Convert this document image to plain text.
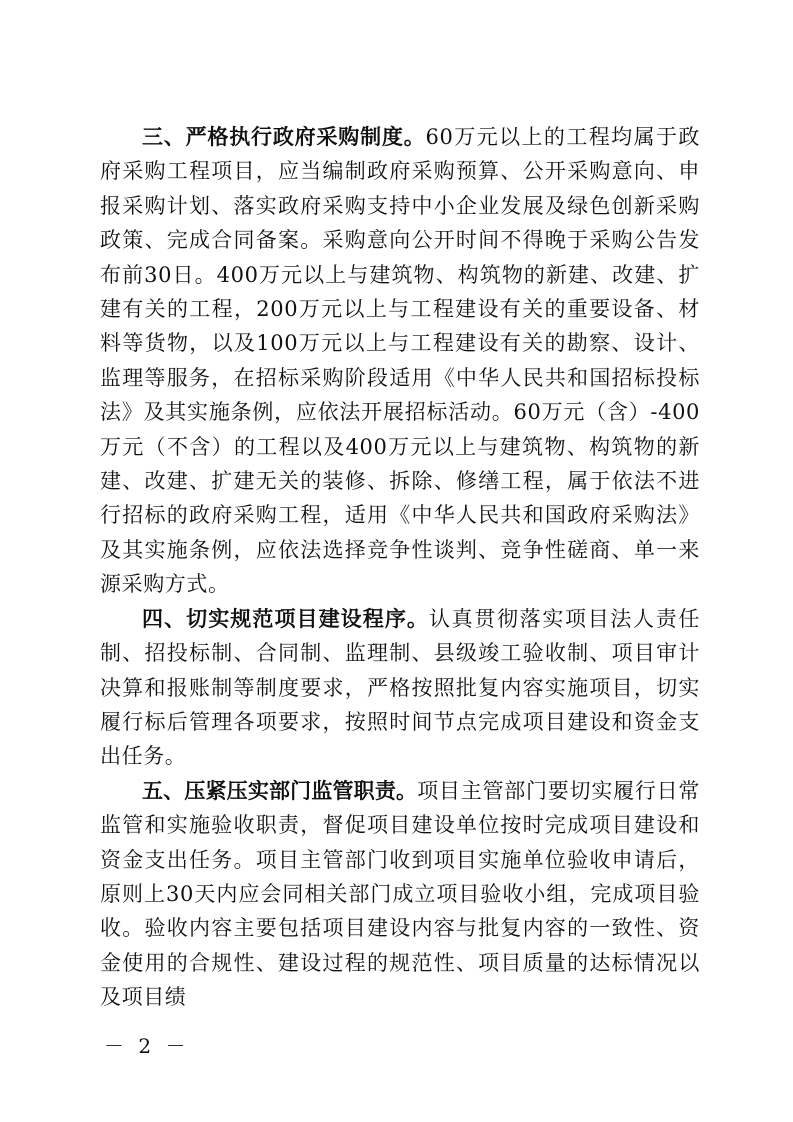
三、严格执行政府采购制度。60万元以上的工程均属于政府采购工程项目，应当编制政府采购预算、公开采购意向、申报采购计划、落实政府采购支持中小企业发展及绿色创新采购政策、完成合同备案。采购意向公开时间不得晚于采购公告发布前30日。400万元以上与建筑物、构筑物的新建、改建、扩建有关的工程，200万元以上与工程建设有关的重要设备、材料等货物，以及100万元以上与工程建设有关的勘察、设计、监理等服务，在招标采购阶段适用《中华人民共和国招标投标法》及其实施条例，应依法开展招标活动。60万元（含）-400万元（不含）的工程以及400万元以上与建筑物、构筑物的新建、改建、扩建无关的装修、拆除、修缮工程，属于依法不进行招标的政府采购工程，适用《中华人民共和国政府采购法》及其实施条例，应依法选择竞争性谈判、竞争性磋商、单一来源采购方式。

四、切实规范项目建设程序。认真贯彻落实项目法人责任制、招投标制、合同制、监理制、县级竣工验收制、项目审计决算和报账制等制度要求，严格按照批复内容实施项目，切实履行标后管理各项要求，按照时间节点完成项目建设和资金支出任务。

五、压紧压实部门监管职责。项目主管部门要切实履行日常监管和实施验收职责，督促项目建设单位按时完成项目建设和资金支出任务。项目主管部门收到项目实施单位验收申请后，原则上30天内应会同相关部门成立项目验收小组，完成项目验收。验收内容主要包括项目建设内容与批复内容的一致性、资金使用的合规性、建设过程的规范性、项目质量的达标情况以及项目绩

－ 2 －
